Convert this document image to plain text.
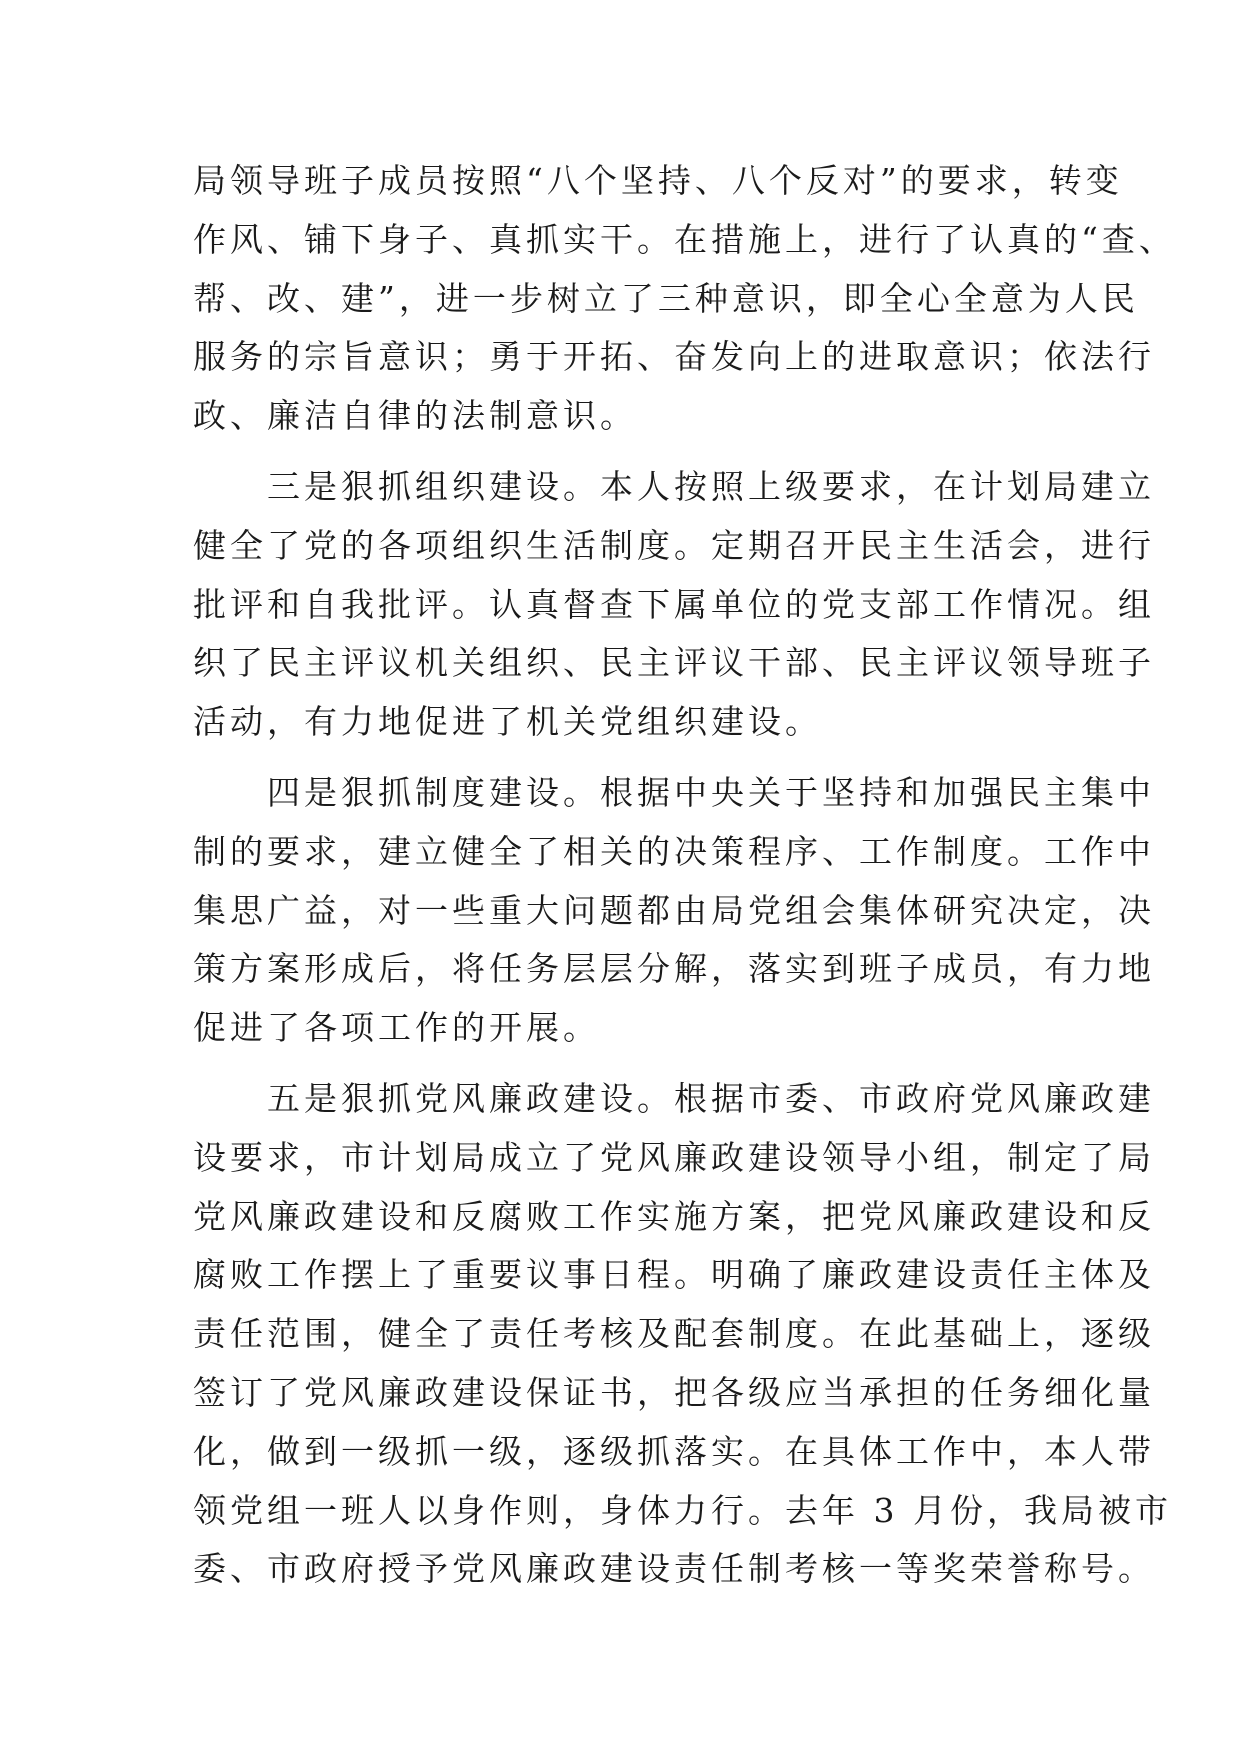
局领导班子成员按照“八个坚持、八个反对”的要求，转变
作风、铺下身子、真抓实干。在措施上，进行了认真的“查、
帮、改、建”，进一步树立了三种意识，即全心全意为人民
服务的宗旨意识；勇于开拓、奋发向上的进取意识；依法行
政、廉洁自律的法制意识。
　　三是狠抓组织建设。本人按照上级要求，在计划局建立
健全了党的各项组织生活制度。定期召开民主生活会，进行
批评和自我批评。认真督查下属单位的党支部工作情况。组
织了民主评议机关组织、民主评议干部、民主评议领导班子
活动，有力地促进了机关党组织建设。
　　四是狠抓制度建设。根据中央关于坚持和加强民主集中
制的要求，建立健全了相关的决策程序、工作制度。工作中
集思广益，对一些重大问题都由局党组会集体研究决定，决
策方案形成后，将任务层层分解，落实到班子成员，有力地
促进了各项工作的开展。
　　五是狠抓党风廉政建设。根据市委、市政府党风廉政建
设要求，市计划局成立了党风廉政建设领导小组，制定了局
党风廉政建设和反腐败工作实施方案，把党风廉政建设和反
腐败工作摆上了重要议事日程。明确了廉政建设责任主体及
责任范围，健全了责任考核及配套制度。在此基础上，逐级
签订了党风廉政建设保证书，把各级应当承担的任务细化量
化，做到一级抓一级，逐级抓落实。在具体工作中，本人带
领党组一班人以身作则，身体力行。去年 3 月份，我局被市
委、市政府授予党风廉政建设责任制考核一等奖荣誉称号。
